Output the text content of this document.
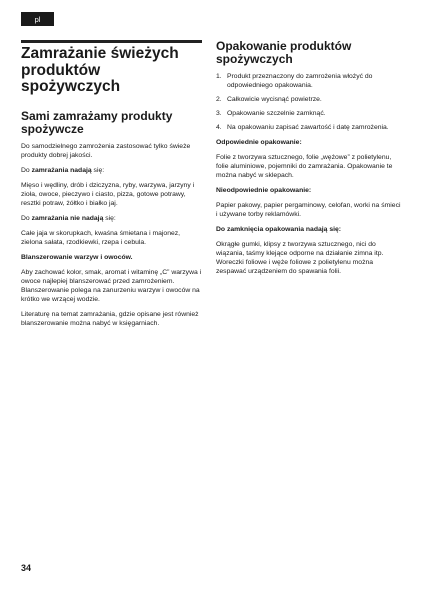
pl
Zamrażanie świeżych produktów spożywczych
Sami zamrażamy produkty spożywcze

Do samodzielnego zamrożenia zastosować tylko świeże produkty dobrej jakości.

Do zamrażania nadają się:

Mięso i wędliny, drób i dziczyzna, ryby, warzywa, jarzyny i zioła, owoce, pieczywo i ciasto, pizza, gotowe potrawy, resztki potraw, żółtko i białko jaj.

Do zamrażania nie nadają się:

Całe jaja w skorupkach, kwaśna śmietana i majonez, zielona sałata, rzodkiewki, rzepa i cebula.

Blanszerowanie warzyw i owoców.

Aby zachować kolor, smak, aromat i witaminę „C” warzywa i owoce najlepiej blanszerować przed zamrożeniem. Blanszerowanie polega na zanurzeniu warzyw i owoców na krótko we wrzącej wodzie.

Literaturę na temat zamrażania, gdzie opisane jest również blanszerowanie można nabyć w księgarniach.

Opakowanie produktów spożywczych
1. Produkt przeznaczony do zamrożenia włożyć do odpowiedniego opakowania.
2. Całkowicie wycisnąć powietrze.
3. Opakowanie szczelnie zamknąć.
4. Na opakowaniu zapisać zawartość i datę zamrożenia.

Odpowiednie opakowanie:

Folie z tworzywa sztucznego, folie „wężowe” z polietylenu, folie aluminiowe, pojemniki do zamrażania. Opakowanie te można nabyć w sklepach.

Nieodpowiednie opakowanie:

Papier pakowy, papier pergaminowy, celofan, worki na śmieci i używane torby reklamówki.

Do zamknięcia opakowania nadają się:

Okrągłe gumki, klipsy z tworzywa sztucznego, nici do wiązania, taśmy klejące odporne na działanie zimna itp. Woreczki foliowe i węże foliowe z polietylenu można zespawać urządzeniem do spawania folii.

34
